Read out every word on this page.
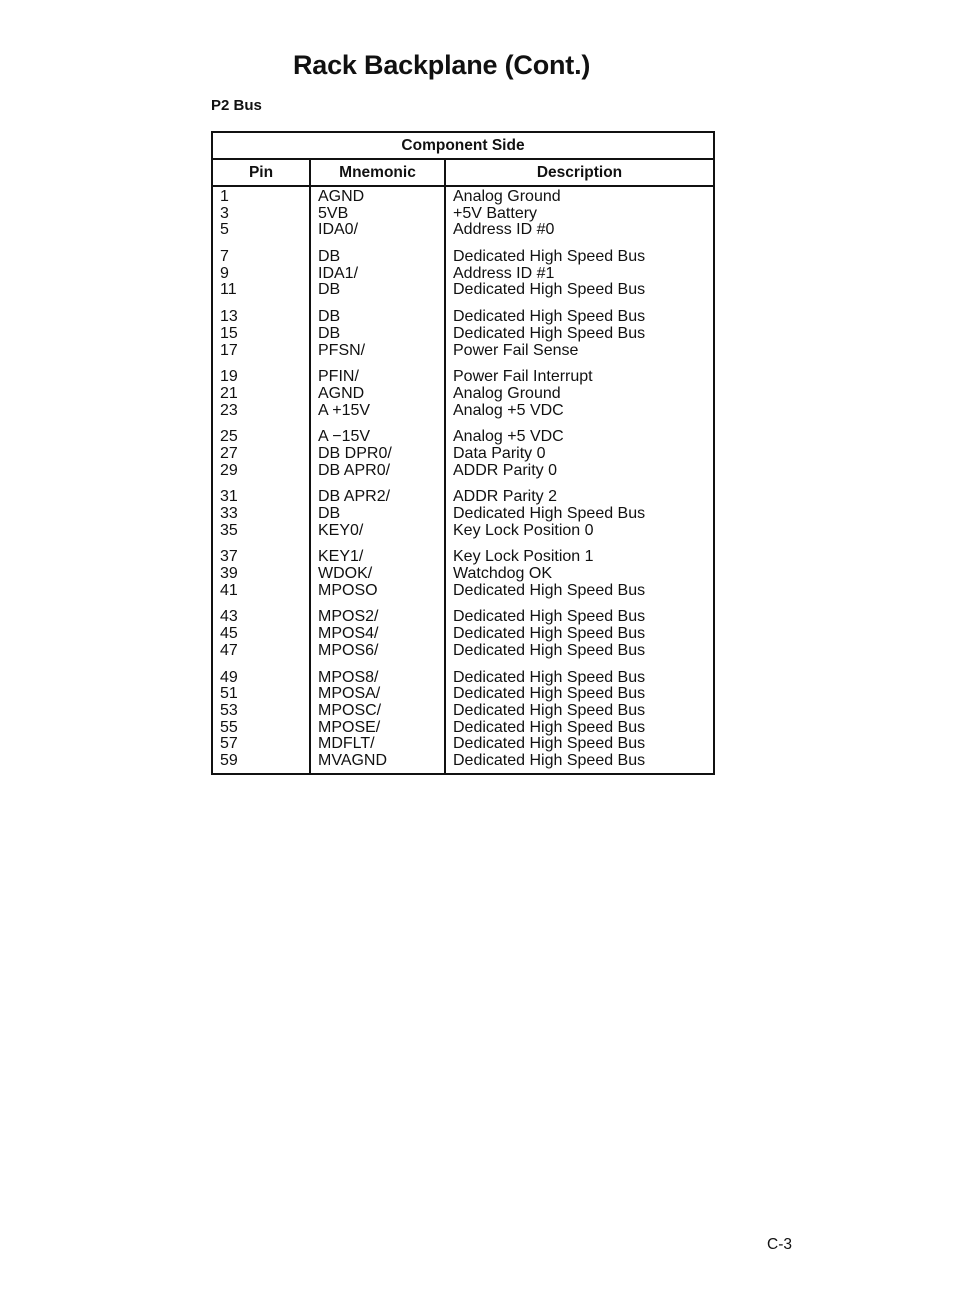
Rack Backplane (Cont.)
P2 Bus
Component Side
Pin	Mnemonic	Description
1
3
5
7
9
11
13
15
17
19
21
23
25
27
29
31
33
35
37
39
41
43
45
47
49
51
53
55
57
59
AGND
5VB
IDA0/
DB
IDA1/
DB
DB
DB
PFSN/
PFIN/
AGND
A +15V
A −15V
DB DPR0/
DB APR0/
DB APR2/
DB
KEY0/
KEY1/
WDOK/
MPOSO
MPOS2/
MPOS4/
MPOS6/
MPOS8/
MPOSA/
MPOSC/
MPOSE/
MDFLT/
MVAGND
Analog Ground
+5V Battery
Address ID #0
Dedicated High Speed Bus
Address ID #1
Dedicated High Speed Bus
Dedicated High Speed Bus
Dedicated High Speed Bus
Power Fail Sense
Power Fail Interrupt
Analog Ground
Analog +5 VDC
Analog +5 VDC
Data Parity 0
ADDR Parity 0
ADDR Parity 2
Dedicated High Speed Bus
Key Lock Position 0
Key Lock Position 1
Watchdog OK
Dedicated High Speed Bus
Dedicated High Speed Bus
Dedicated High Speed Bus
Dedicated High Speed Bus
Dedicated High Speed Bus
Dedicated High Speed Bus
Dedicated High Speed Bus
Dedicated High Speed Bus
Dedicated High Speed Bus
Dedicated High Speed Bus
C-3
